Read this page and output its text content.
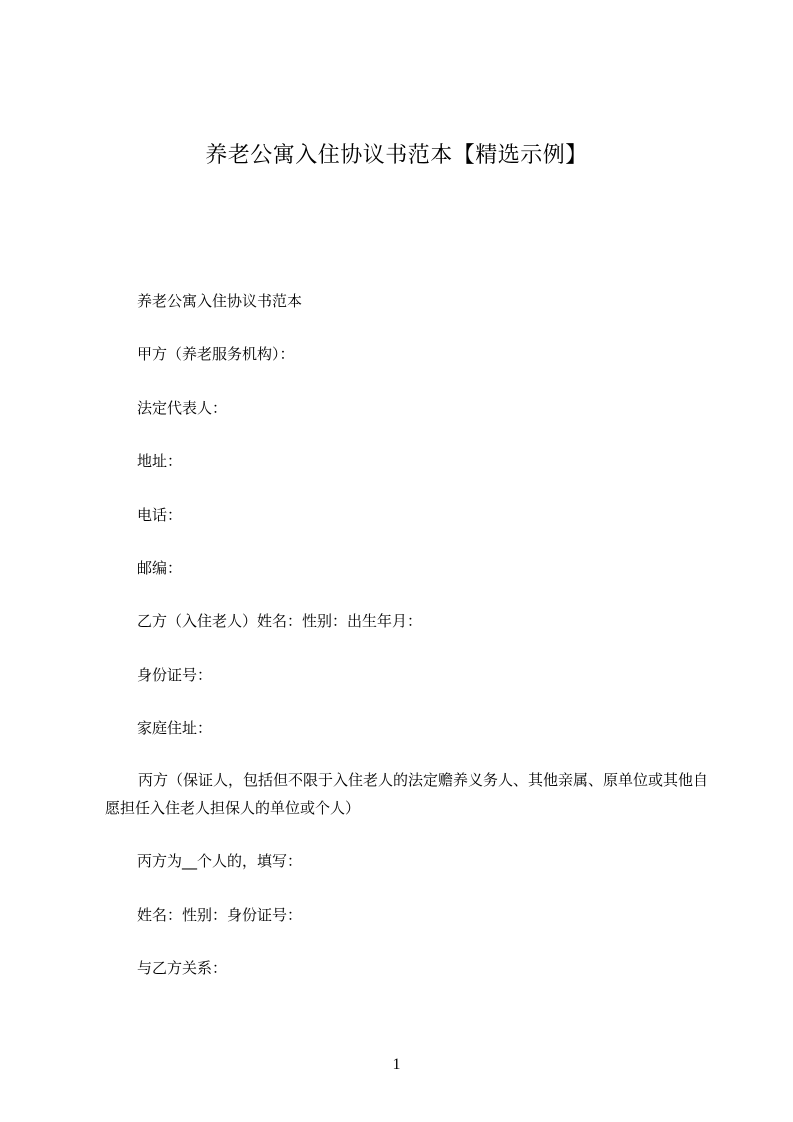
养老公寓入住协议书范本【精选示例】
养老公寓入住协议书范本
甲方（养老服务机构）：
法定代表人：
地址：
电话：
邮编：
乙方（入住老人）姓名：性别：出生年月：
身份证号：
家庭住址：
丙方（保证人，包括但不限于入住老人的法定赡养义务人、其他亲属、原单位或其他自愿担任入住老人担保人的单位或个人）
丙方为__个人的，填写：
姓名：性别：身份证号：
与乙方关系：
1
